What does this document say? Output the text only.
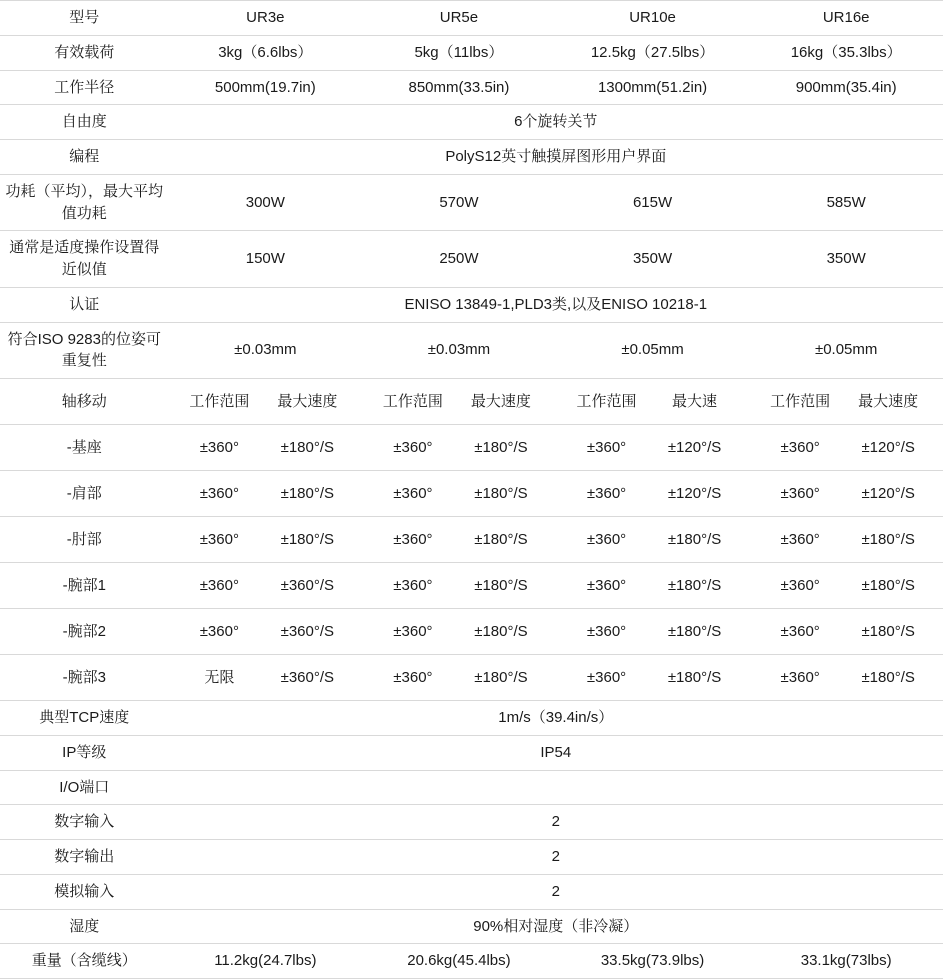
型号	UR3e	UR5e	UR10e	UR16e
有效载荷	3kg（6.6lbs）	5kg（11lbs）	12.5kg（27.5lbs）	16kg（35.3lbs）
工作半径	500mm(19.7in)	850mm(33.5in)	1300mm(51.2in)	900mm(35.4in)
自由度	6个旋转关节			
编程	PolyS12英寸触摸屏图形用户界面			
功耗（平均），最大平均值功耗	300W	570W	615W	585W
通常是适度操作设置得近似值	150W	250W	350W	350W
认证	ENISO 13849-1,PLD3类,以及ENISO 10218-1			
符合ISO 9283的位姿可重复性	±0.03mm	±0.03mm	±0.05mm	±0.05mm
轴移动	工作范围 最大速度	工作范围 最大速度	工作范围 最大速	工作范围 最大速度

-基座	±360° ±180°/S	±360° ±180°/S	±360° ±120°/S	±360° ±120°/S

-肩部	±360° ±180°/S	±360° ±180°/S	±360° ±120°/S	±360° ±120°/S

-肘部	±360° ±180°/S	±360° ±180°/S	±360° ±180°/S	±360° ±180°/S

-腕部1	±360° ±360°/S	±360° ±180°/S	±360° ±180°/S	±360° ±180°/S

-腕部2	±360° ±360°/S	±360° ±180°/S	±360° ±180°/S	±360° ±180°/S

-腕部3	无限 ±360°/S	±360° ±180°/S	±360° ±180°/S	±360° ±180°/S

典型TCP速度	1m/s（39.4in/s）			
IP等级	IP54			
I/O端口				
数字输入	2			
数字输出	2			
模拟输入	2			
湿度	90%相对湿度（非冷凝）			
重量（含缆线）	11.2kg(24.7lbs)	20.6kg(45.4lbs)	33.5kg(73.9lbs)	33.1kg(73lbs)
